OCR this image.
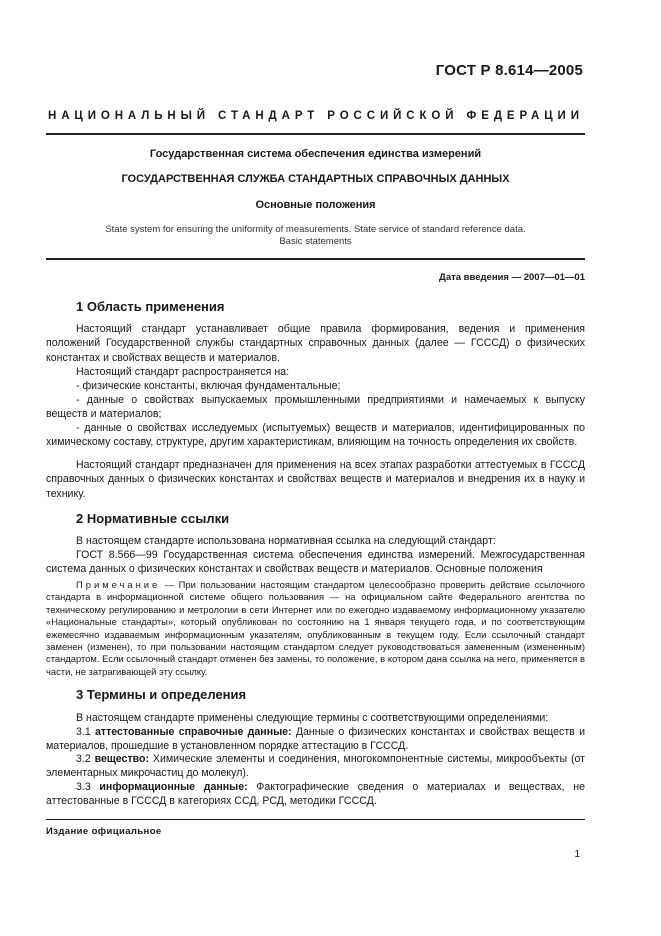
ГОСТ Р 8.614—2005
НАЦИОНАЛЬНЫЙ СТАНДАРТ РОССИЙСКОЙ ФЕДЕРАЦИИ
Государственная система обеспечения единства измерений
ГОСУДАРСТВЕННАЯ СЛУЖБА СТАНДАРТНЫХ СПРАВОЧНЫХ ДАННЫХ
Основные положения
State system for ensuring the uniformity of measurements. State service of standard reference data.
Basic statements
Дата введения — 2007—01—01
1 Область применения

Настоящий стандарт устанавливает общие правила формирования, ведения и применения положений Государственной службы стандартных справочных данных (далее — ГСССД) о физических константах и свойствах веществ и материалов.

Настоящий стандарт распространяется на:

- физические константы, включая фундаментальные;

- данные о свойствах выпускаемых промышленными предприятиями и намечаемых к выпуску веществ и материалов;

- данные о свойствах исследуемых (испытуемых) веществ и материалов, идентифицированных по химическому составу, структуре, другим характеристикам, влияющим на точность определения их свойств.

Настоящий стандарт предназначен для применения на всех этапах разработки аттестуемых в ГСССД справочных данных о физических константах и свойствах веществ и материалов и внедрения их в науку и технику.

2 Нормативные ссылки

В настоящем стандарте использована нормативная ссылка на следующий стандарт:

ГОСТ 8.566—99 Государственная система обеспечения единства измерений. Межгосударственная система данных о физических константах и свойствах веществ и материалов. Основные положения

Примечание — При пользовании настоящим стандартом целесообразно проверить действие ссылочного стандарта в информационной системе общего пользования — на официальном сайте Федерального агентства по техническому регулированию и метрологии в сети Интернет или по ежегодно издаваемому информационному указателю «Национальные стандарты», который опубликован по состоянию на 1 января текущего года, и по соответствующим ежемесячно издаваемым информационным указателям, опубликованным в текущем году. Если ссылочный стандарт заменен (изменен), то при пользовании настоящим стандартом следует руководствоваться замененным (измененным) стандартом. Если ссылочный стандарт отменен без замены, то положение, в котором дана ссылка на него, применяется в части, не затрагивающей эту ссылку.

3 Термины и определения

В настоящем стандарте применены следующие термины с соответствующими определениями:

3.1 аттестованные справочные данные: Данные о физических константах и свойствах веществ и материалов, прошедшие в установленном порядке аттестацию в ГСССД.

3.2 вещество: Химические элементы и соединения, многокомпонентные системы, микрообъекты (от элементарных микрочастиц до молекул).

3.3 информационные данные: Фактографические сведения о материалах и веществах, не аттестованные в ГСССД в категориях ССД, РСД, методики ГСССД.

Издание официальное
1
